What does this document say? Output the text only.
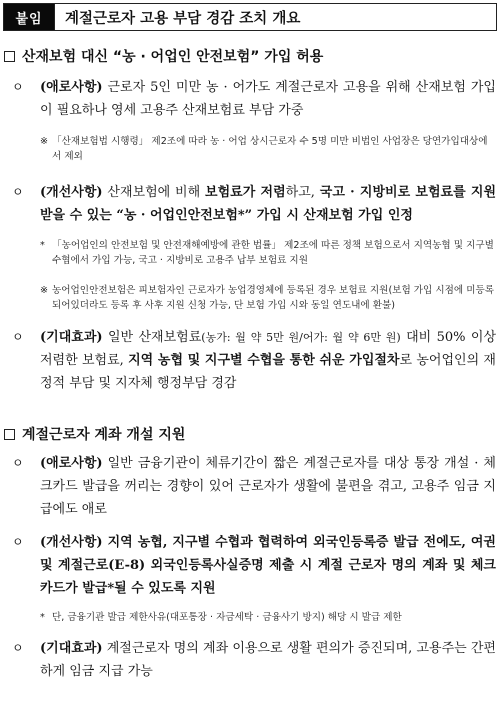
붙임	계절근로자 고용 부담 경감 조치 개요
산재보험 대신 “농 · 어업인 안전보험” 가입 허용
ㅇ	(애로사항) 근로자 5인 미만 농 · 어가도 계절근로자 고용을 위해 산재보험 가입이 필요하나 영세 고용주 산재보험료 부담 가중
※ 「산재보험법 시행령」 제2조에 따라 농 · 어업 상시근로자 수 5명 미만 비법인 사업장은 당연가입대상에서 제외
ㅇ	(개선사항) 산재보험에 비해 보험료가 저렴하고, 국고 · 지방비로 보험료를 지원받을 수 있는 “농 · 어업인안전보험*” 가입 시 산재보험 가입 인정
* 「농어업인의 안전보험 및 안전재해예방에 관한 법률」 제2조에 따른 정책 보험으로서 지역농협 및 지구별수협에서 가입 가능, 국고 · 지방비로 고용주 납부 보험료 지원
※ 농어업인안전보험은 피보험자인 근로자가 농업경영체에 등록된 경우 보험료 지원(보험 가입 시점에 미등록되어있더라도 등록 후 사후 지원 신청 가능, 단 보험 가입 시와 동일 연도내에 환불)
ㅇ	(기대효과) 일반 산재보험료(농가: 월 약 5만 원/어가: 월 약 6만 원) 대비 50% 이상 저렴한 보험료, 지역 농협 및 지구별 수협을 통한 쉬운 가입절차로 농어업인의 재정적 부담 및 지자체 행정부담 경감
계절근로자 계좌 개설 지원
ㅇ	(애로사항) 일반 금융기관이 체류기간이 짧은 계절근로자를 대상 통장 개설 · 체크카드 발급을 꺼리는 경향이 있어 근로자가 생활에 불편을 겪고, 고용주 임금 지급에도 애로
ㅇ	(개선사항) 지역 농협, 지구별 수협과 협력하여 외국인등록증 발급 전에도, 여권 및 계절근로(E-8) 외국인등록사실증명 제출 시 계절 근로자 명의 계좌 및 체크카드가 발급*될 수 있도록 지원
* 단, 금융기관 발급 제한사유(대포통장 · 자금세탁 · 금융사기 방지) 해당 시 발급 제한
ㅇ	(기대효과) 계절근로자 명의 계좌 이용으로 생활 편의가 증진되며, 고용주는 간편하게 임금 지급 가능
